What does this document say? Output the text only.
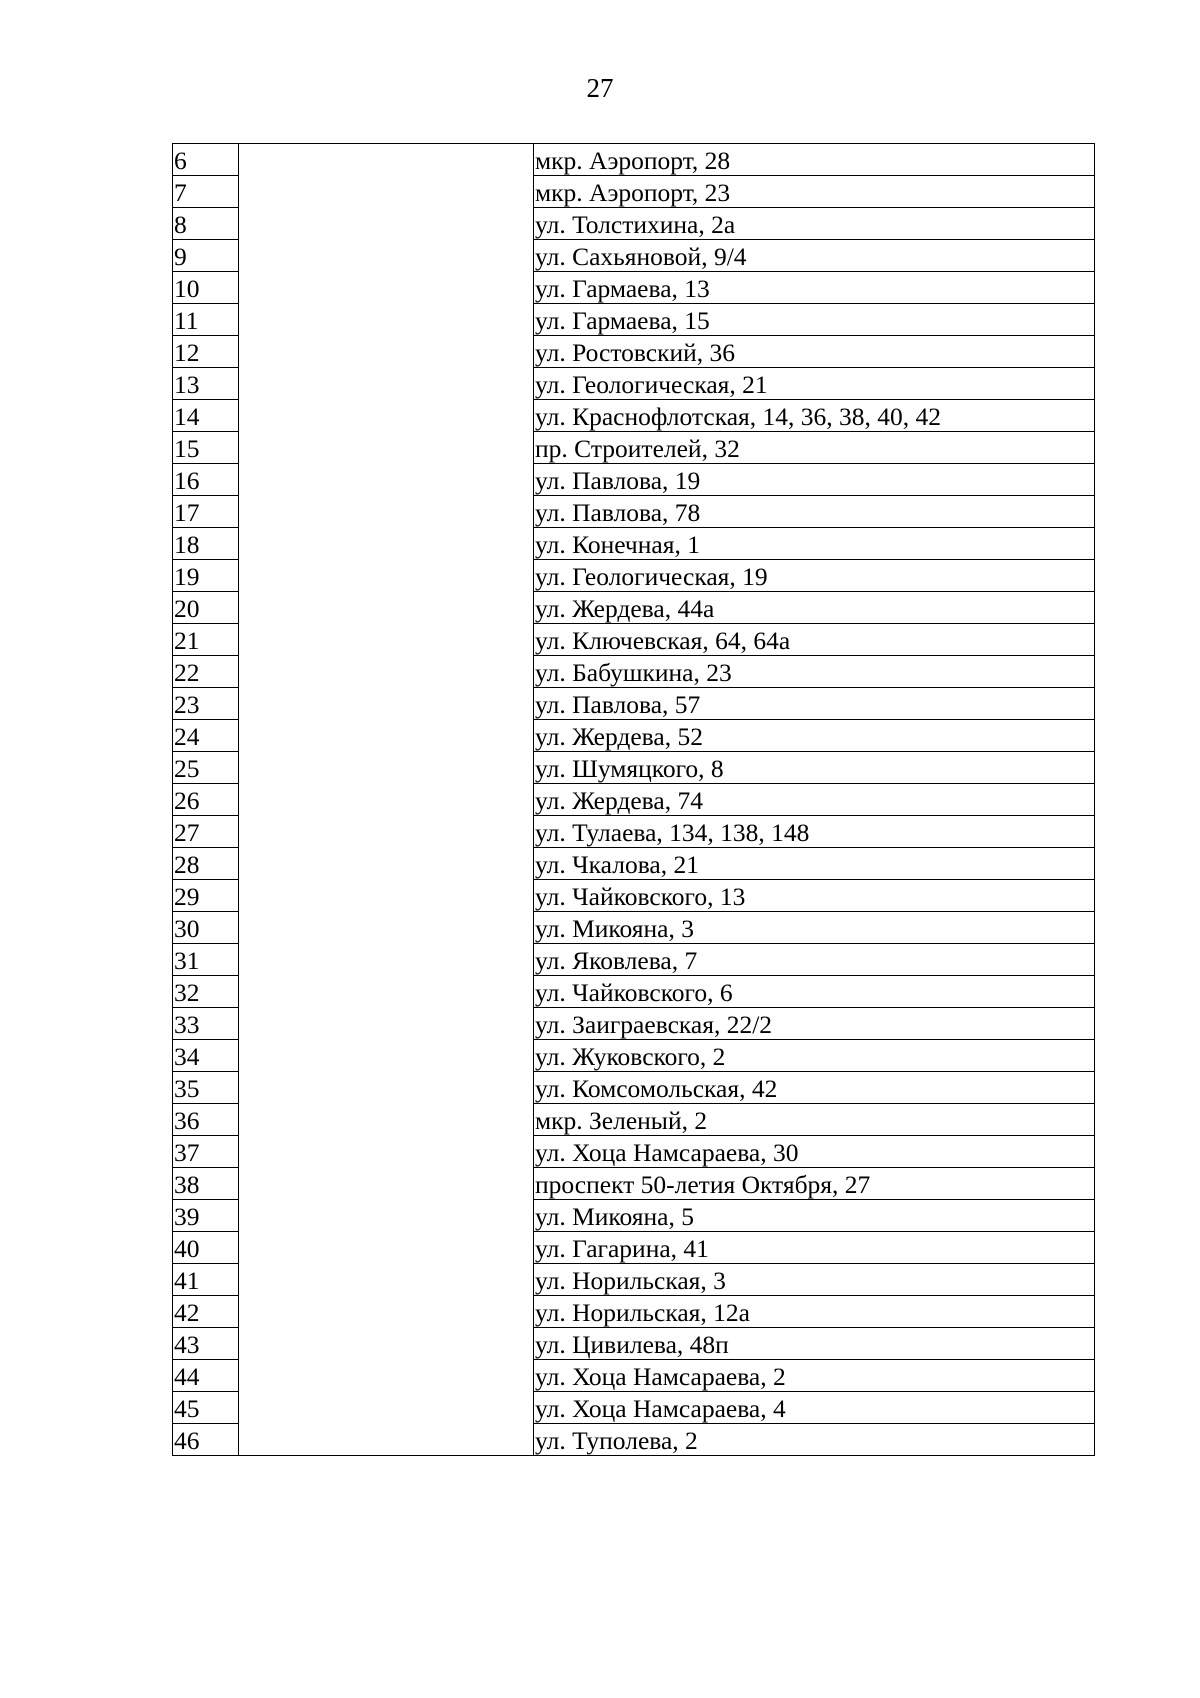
27
6		мкр. Аэропорт, 28
7		мкр. Аэропорт, 23
8		ул. Толстихина, 2а
9		ул. Сахьяновой, 9/4
10		ул. Гармаева, 13
11		ул. Гармаева, 15
12		ул. Ростовский, 36
13		ул. Геологическая, 21
14		ул. Краснофлотская, 14, 36, 38, 40, 42
15		пр. Строителей, 32
16		ул. Павлова, 19
17		ул. Павлова, 78
18		ул. Конечная, 1
19		ул. Геологическая, 19
20		ул. Жердева, 44а
21		ул. Ключевская, 64, 64а
22		ул. Бабушкина, 23
23		ул. Павлова, 57
24		ул. Жердева, 52
25		ул. Шумяцкого, 8
26		ул. Жердева, 74
27		ул. Тулаева, 134, 138, 148
28		ул. Чкалова, 21
29		ул. Чайковского, 13
30		ул. Микояна, 3
31		ул. Яковлева, 7
32		ул. Чайковского, 6
33		ул. Заиграевская, 22/2
34		ул. Жуковского, 2
35		ул. Комсомольская, 42
36		мкр. Зеленый, 2
37		ул. Хоца Намсараева, 30
38		проспект 50-летия Октября, 27
39		ул. Микояна, 5
40		ул. Гагарина, 41
41		ул. Норильская, 3
42		ул. Норильская, 12а
43		ул. Цивилева, 48п
44		ул. Хоца Намсараева, 2
45		ул. Хоца Намсараева, 4
46		ул. Туполева, 2
